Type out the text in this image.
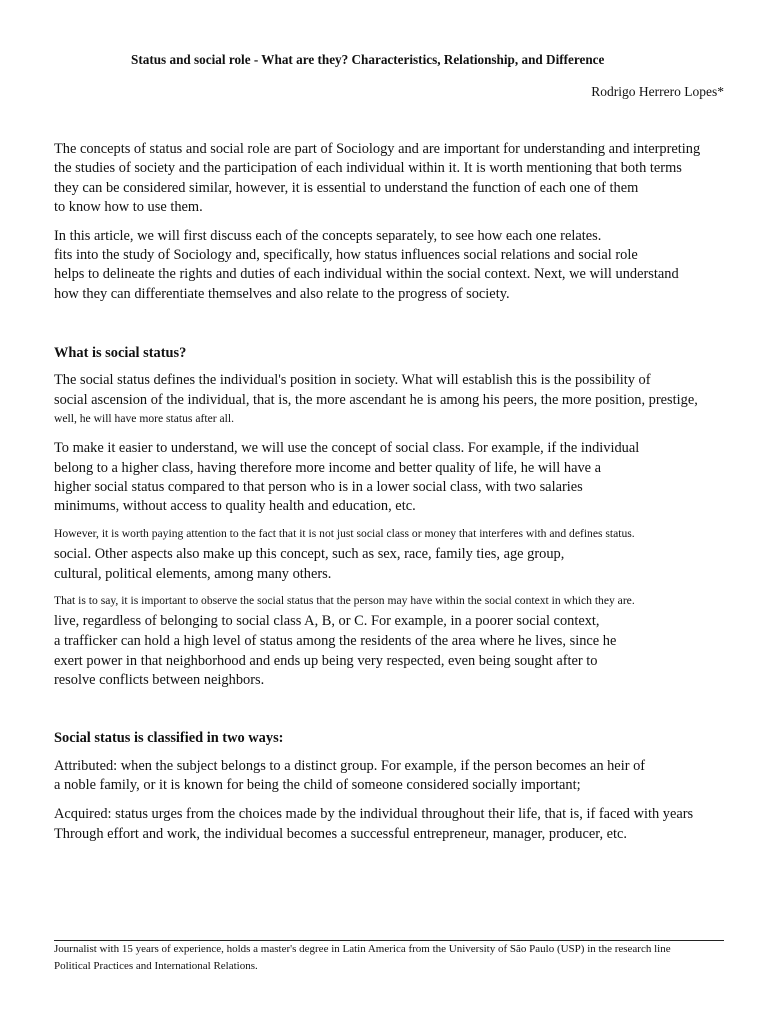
Status and social role - What are they? Characteristics, Relationship, and Difference
Rodrigo Herrero Lopes*
The concepts of status and social role are part of Sociology and are important for understanding and interpreting
the studies of society and the participation of each individual within it. It is worth mentioning that both terms
they can be considered similar, however, it is essential to understand the function of each one of them
to know how to use them.
In this article, we will first discuss each of the concepts separately, to see how each one relates.
fits into the study of Sociology and, specifically, how status influences social relations and social role
helps to delineate the rights and duties of each individual within the social context. Next, we will understand
how they can differentiate themselves and also relate to the progress of society.
What is social status?
The social status defines the individual's position in society. What will establish this is the possibility of
social ascension of the individual, that is, the more ascendant he is among his peers, the more position, prestige,
well, he will have more status after all.
To make it easier to understand, we will use the concept of social class. For example, if the individual
belong to a higher class, having therefore more income and better quality of life, he will have a
higher social status compared to that person who is in a lower social class, with two salaries
minimums, without access to quality health and education, etc.
However, it is worth paying attention to the fact that it is not just social class or money that interferes with and defines status.
social. Other aspects also make up this concept, such as sex, race, family ties, age group,
cultural, political elements, among many others.
That is to say, it is important to observe the social status that the person may have within the social context in which they are.
live, regardless of belonging to social class A, B, or C. For example, in a poorer social context,
a trafficker can hold a high level of status among the residents of the area where he lives, since he
exert power in that neighborhood and ends up being very respected, even being sought after to
resolve conflicts between neighbors.
Social status is classified in two ways:
Attributed: when the subject belongs to a distinct group. For example, if the person becomes an heir of
a noble family, or it is known for being the child of someone considered socially important;
Acquired: status urges from the choices made by the individual throughout their life, that is, if faced with years
Through effort and work, the individual becomes a successful entrepreneur, manager, producer, etc.
Journalist with 15 years of experience, holds a master's degree in Latin America from the University of São Paulo (USP) in the research line
Political Practices and International Relations.
